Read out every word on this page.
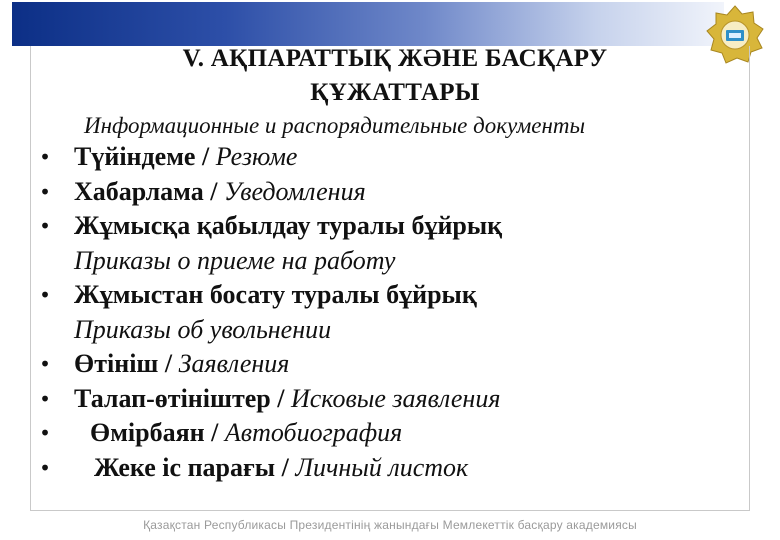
V. АҚПАРАТТЫҚ ЖӘНЕ БАСҚАРУ
ҚҰЖАТТАРЫ
Информационные и распорядительные документы
• Түйіндеме / Резюме
• Хабарлама / Уведомления
• Жұмысқа қабылдау туралы бұйрық
Приказы о приеме на работу
• Жұмыстан босату туралы бұйрық
Приказы об увольнении
• Өтініш / Заявления
• Талап-өтініштер / Исковые заявления
•	Өмірбаян / Автобиография
•	Жеке іс парағы / Личный листок
Қазақстан Республикасы Президентінің жанындағы Мемлекеттік басқару академиясы
